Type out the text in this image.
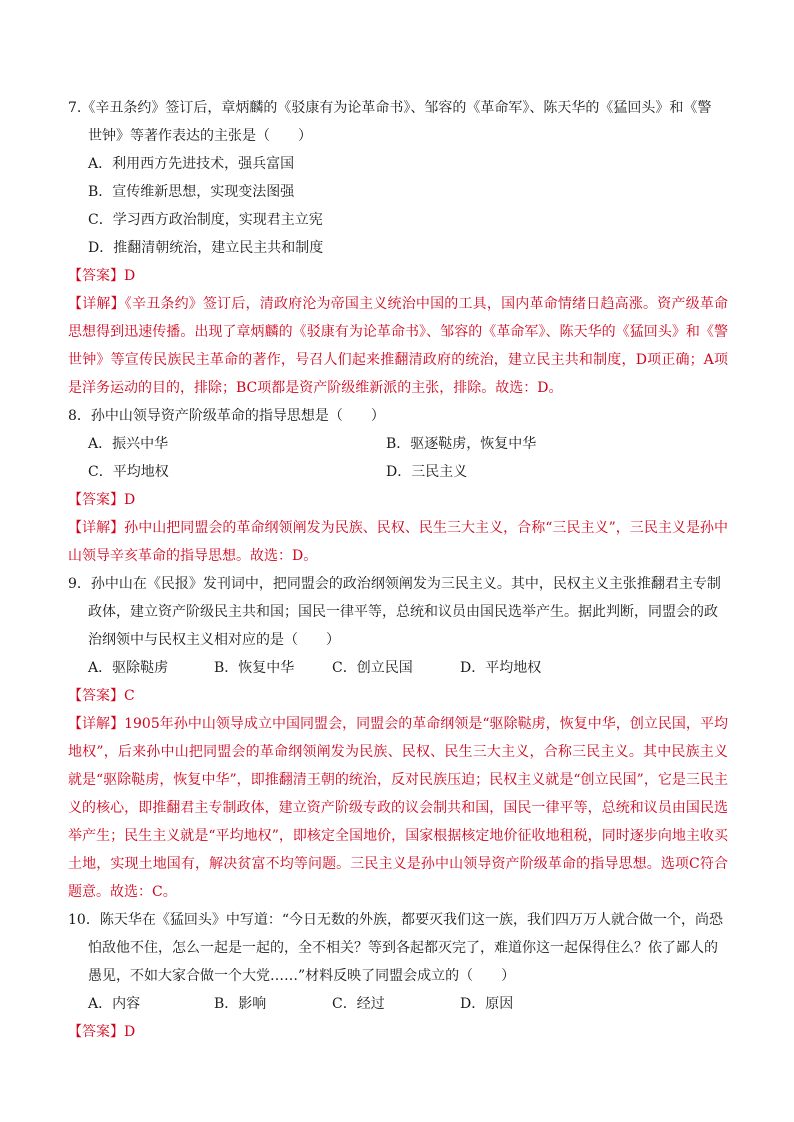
7.《辛丑条约》签订后，章炳麟的《驳康有为论革命书》、邹容的《革命军》、陈天华的《猛回头》和《警
世钟》等著作表达的主张是（　　）
A．利用西方先进技术，强兵富国
B．宣传维新思想，实现变法图强
C．学习西方政治制度，实现君主立宪
D．推翻清朝统治，建立民主共和制度
【答案】D
【详解】《辛丑条约》签订后，清政府沦为帝国主义统治中国的工具，国内革命情绪日趋高涨。资产级革命思想得到迅速传播。出现了章炳麟的《驳康有为论革命书》、邹容的《革命军》、陈天华的《猛回头》和《警世钟》等宣传民族民主革命的著作，号召人们起来推翻清政府的统治，建立民主共和制度，D项正确；A项是洋务运动的目的，排除；BC项都是资产阶级维新派的主张，排除。故选：D。
8．孙中山领导资产阶级革命的指导思想是（　　）
A．振兴中华	B．驱逐鞑虏，恢复中华
C．平均地权	D．三民主义
【答案】D
【详解】孙中山把同盟会的革命纲领阐发为民族、民权、民生三大主义，合称“三民主义”，三民主义是孙中山领导辛亥革命的指导思想。故选：D。
9．孙中山在《民报》发刊词中，把同盟会的政治纲领阐发为三民主义。其中，民权主义主张推翻君主专制
政体，建立资产阶级民主共和国；国民一律平等，总统和议员由国民选举产生。据此判断，同盟会的政
治纲领中与民权主义相对应的是（　　）
A．驱除鞑虏	B．恢复中华	C．创立民国	D．平均地权
【答案】C
【详解】1905年孙中山领导成立中国同盟会，同盟会的革命纲领是“驱除鞑虏，恢复中华，创立民国，平均地权”，后来孙中山把同盟会的革命纲领阐发为民族、民权、民生三大主义，合称三民主义。其中民族主义就是“驱除鞑虏，恢复中华”，即推翻清王朝的统治，反对民族压迫；民权主义就是“创立民国”，它是三民主义的核心，即推翻君主专制政体，建立资产阶级专政的议会制共和国，国民一律平等，总统和议员由国民选举产生；民生主义就是“平均地权”，即核定全国地价，国家根据核定地价征收地租税，同时逐步向地主收买土地，实现土地国有，解决贫富不均等问题。三民主义是孙中山领导资产阶级革命的指导思想。选项C符合题意。故选：C。
10．陈天华在《猛回头》中写道：“今日无数的外族，都要灭我们这一族，我们四万万人就合做一个，尚恐
怕敌他不住，怎么一起是一起的，全不相关？等到各起都灭完了，难道你这一起保得住么？依了鄙人的
愚见，不如大家合做一个大党……”材料反映了同盟会成立的（　　）
A．内容	B．影响	C．经过	D．原因
【答案】D
